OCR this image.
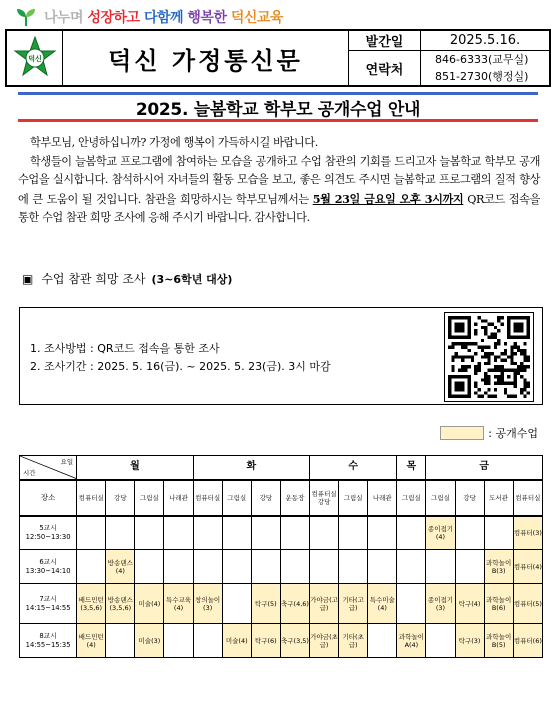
나누며
성장하고
다함께
행복한
덕신교육
덕신	덕신 가정통신문
발간일	2025.5.16.
연락처
846-6333(교무실)
851-2730(행정실)
2025. 늘봄학교 학부모 공개수업 안내

학부모님, 안녕하십니까? 가정에 행복이 가득하시길 바랍니다.

학생들이 늘봄학교 프로그램에 참여하는 모습을 공개하고 수업 참관의 기회를 드리고자 늘봄학교 학부모 공개수업을 실시합니다. 참석하시어 자녀들의 활동 모습을 보고, 좋은 의견도 주시면 늘봄학교 프로그램의 질적 향상에 큰 도움이 될 것입니다. 참관을 희망하시는 학부모님께서는 5월 23일 금요일 오후 3시까지 QR코드 접속을 통한 수업 참관 희망 조사에 응해 주시기 바랍니다. 감사합니다.

▣ 수업 참관 희망 조사 (3~6학년 대상)
1. 조사방법 : QR코드 접속을 통한 조사
2. 조사기간 : 2025. 5. 16(금). ~ 2025. 5. 23(금). 3시 마감
: 공개수업
요일
시간	월				화				수			목	금			
장소	컴퓨터실	강당	그림실	나래관	컴퓨터실	그림실	강당	운동장	컴퓨터실강당	그림실	나래관	그림실	그림실	강당	도서관	컴퓨터실
5교시
12:50~13:30													종이접기(4)			컴퓨터(3)
6교시
13:30~14:10		방송댄스(4)													과학놀이B(3)	컴퓨터(4)
7교시
14:15~14:55	배드민턴(3,5,6)	방송댄스(3,5,6)	미술(4)	특수교육(4)	창의놀이(3)		탁구(5)	축구(4,6)	가야금(고급)	기타(고급)	특수미술(4)		종이접기(3)	탁구(4)	과학놀이B(6)	컴퓨터(5)
8교시
14:55~15:35	배드민턴(4)		미술(3)			미술(4)	탁구(6)	축구(3,5)	가야금(초급)	기타(초급)		과학놀이A(4)		탁구(3)	과학놀이B(5)	컴퓨터(6)
